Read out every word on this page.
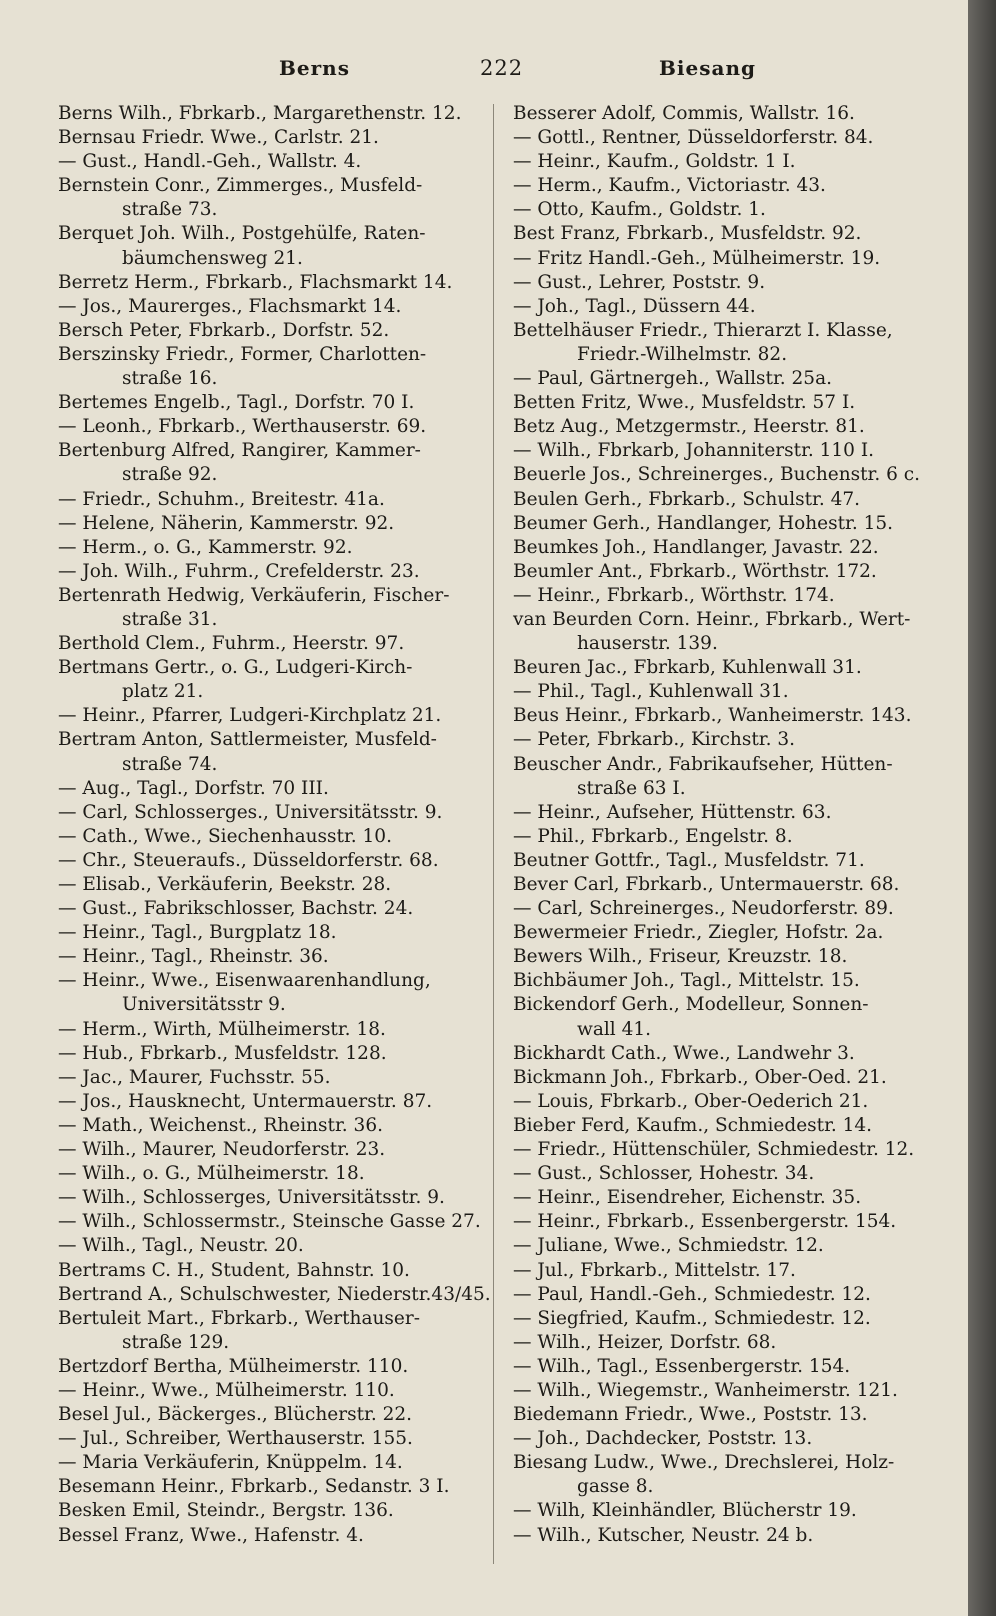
Berns	222	Biesang
Berns Wilh., Fbrkarb., Margarethenstr. 12.
Bernsau Friedr. Wwe., Carlstr. 21.
— Gust., Handl.-Geh., Wallstr. 4.
Bernstein Conr., Zimmerges., Musfeld-
straße 73.
Berquet Joh. Wilh., Postgehülfe, Raten-
bäumchensweg 21.
Berretz Herm., Fbrkarb., Flachsmarkt 14.
— Jos., Maurerges., Flachsmarkt 14.
Bersch Peter, Fbrkarb., Dorfstr. 52.
Berszinsky Friedr., Former, Charlotten-
straße 16.
Bertemes Engelb., Tagl., Dorfstr. 70 I.
— Leonh., Fbrkarb., Werthauserstr. 69.
Bertenburg Alfred, Rangirer, Kammer-
straße 92.
— Friedr., Schuhm., Breitestr. 41a.
— Helene, Näherin, Kammerstr. 92.
— Herm., o. G., Kammerstr. 92.
— Joh. Wilh., Fuhrm., Crefelderstr. 23.
Bertenrath Hedwig, Verkäuferin, Fischer-
straße 31.
Berthold Clem., Fuhrm., Heerstr. 97.
Bertmans Gertr., o. G., Ludgeri-Kirch-
platz 21.
— Heinr., Pfarrer, Ludgeri-Kirchplatz 21.
Bertram Anton, Sattlermeister, Musfeld-
straße 74.
— Aug., Tagl., Dorfstr. 70 III.
— Carl, Schlosserges., Universitätsstr. 9.
— Cath., Wwe., Siechenhausstr. 10.
— Chr., Steueraufs., Düsseldorferstr. 68.
— Elisab., Verkäuferin, Beekstr. 28.
— Gust., Fabrikschlosser, Bachstr. 24.
— Heinr., Tagl., Burgplatz 18.
— Heinr., Tagl., Rheinstr. 36.
— Heinr., Wwe., Eisenwaarenhandlung,
Universitätsstr 9.
— Herm., Wirth, Mülheimerstr. 18.
— Hub., Fbrkarb., Musfeldstr. 128.
— Jac., Maurer, Fuchsstr. 55.
— Jos., Hausknecht, Untermauerstr. 87.
— Math., Weichenst., Rheinstr. 36.
— Wilh., Maurer, Neudorferstr. 23.
— Wilh., o. G., Mülheimerstr. 18.
— Wilh., Schlosserges, Universitätsstr. 9.
— Wilh., Schlossermstr., Steinsche Gasse 27.
— Wilh., Tagl., Neustr. 20.
Bertrams C. H., Student, Bahnstr. 10.
Bertrand A., Schulschwester, Niederstr.43/45.
Bertuleit Mart., Fbrkarb., Werthauser-
straße 129.
Bertzdorf Bertha, Mülheimerstr. 110.
— Heinr., Wwe., Mülheimerstr. 110.
Besel Jul., Bäckerges., Blücherstr. 22.
— Jul., Schreiber, Werthauserstr. 155.
— Maria Verkäuferin, Knüppelm. 14.
Besemann Heinr., Fbrkarb., Sedanstr. 3 I.
Besken Emil, Steindr., Bergstr. 136.
Bessel Franz, Wwe., Hafenstr. 4.
Besserer Adolf, Commis, Wallstr. 16.
— Gottl., Rentner, Düsseldorferstr. 84.
— Heinr., Kaufm., Goldstr. 1 I.
— Herm., Kaufm., Victoriastr. 43.
— Otto, Kaufm., Goldstr. 1.
Best Franz, Fbrkarb., Musfeldstr. 92.
— Fritz Handl.-Geh., Mülheimerstr. 19.
— Gust., Lehrer, Poststr. 9.
— Joh., Tagl., Düssern 44.
Bettelhäuser Friedr., Thierarzt I. Klasse,
Friedr.-Wilhelmstr. 82.
— Paul, Gärtnergeh., Wallstr. 25a.
Betten Fritz, Wwe., Musfeldstr. 57 I.
Betz Aug., Metzgermstr., Heerstr. 81.
— Wilh., Fbrkarb, Johanniterstr. 110 I.
Beuerle Jos., Schreinerges., Buchenstr. 6 c.
Beulen Gerh., Fbrkarb., Schulstr. 47.
Beumer Gerh., Handlanger, Hohestr. 15.
Beumkes Joh., Handlanger, Javastr. 22.
Beumler Ant., Fbrkarb., Wörthstr. 172.
— Heinr., Fbrkarb., Wörthstr. 174.
van Beurden Corn. Heinr., Fbrkarb., Wert-
hauserstr. 139.
Beuren Jac., Fbrkarb, Kuhlenwall 31.
— Phil., Tagl., Kuhlenwall 31.
Beus Heinr., Fbrkarb., Wanheimerstr. 143.
— Peter, Fbrkarb., Kirchstr. 3.
Beuscher Andr., Fabrikaufseher, Hütten-
straße 63 I.
— Heinr., Aufseher, Hüttenstr. 63.
— Phil., Fbrkarb., Engelstr. 8.
Beutner Gottfr., Tagl., Musfeldstr. 71.
Bever Carl, Fbrkarb., Untermauerstr. 68.
— Carl, Schreinerges., Neudorferstr. 89.
Bewermeier Friedr., Ziegler, Hofstr. 2a.
Bewers Wilh., Friseur, Kreuzstr. 18.
Bichbäumer Joh., Tagl., Mittelstr. 15.
Bickendorf Gerh., Modelleur, Sonnen-
wall 41.
Bickhardt Cath., Wwe., Landwehr 3.
Bickmann Joh., Fbrkarb., Ober-Oed. 21.
— Louis, Fbrkarb., Ober-Oederich 21.
Bieber Ferd, Kaufm., Schmiedestr. 14.
— Friedr., Hüttenschüler, Schmiedestr. 12.
— Gust., Schlosser, Hohestr. 34.
— Heinr., Eisendreher, Eichenstr. 35.
— Heinr., Fbrkarb., Essenbergerstr. 154.
— Juliane, Wwe., Schmiedstr. 12.
— Jul., Fbrkarb., Mittelstr. 17.
— Paul, Handl.-Geh., Schmiedestr. 12.
— Siegfried, Kaufm., Schmiedestr. 12.
— Wilh., Heizer, Dorfstr. 68.
— Wilh., Tagl., Essenbergerstr. 154.
— Wilh., Wiegemstr., Wanheimerstr. 121.
Biedemann Friedr., Wwe., Poststr. 13.
— Joh., Dachdecker, Poststr. 13.
Biesang Ludw., Wwe., Drechslerei, Holz-
gasse 8.
— Wilh, Kleinhändler, Blücherstr 19.
— Wilh., Kutscher, Neustr. 24 b.
